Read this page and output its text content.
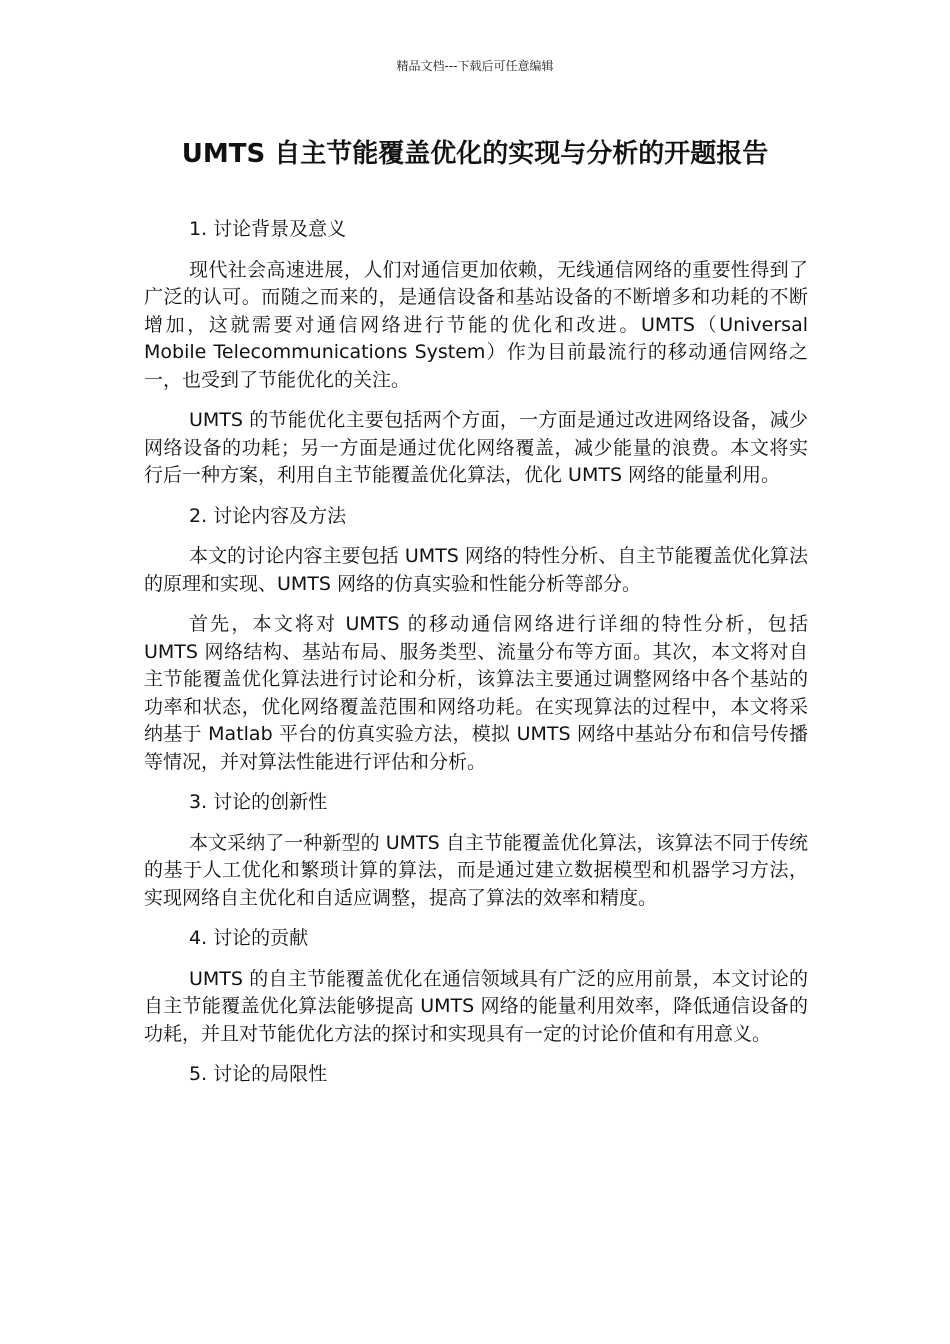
精品文档---下载后可任意编辑
UMTS 自主节能覆盖优化的实现与分析的开题报告
1. 讨论背景及意义

现代社会高速进展，人们对通信更加依赖，无线通信网络的重要性得到了广泛的认可。而随之而来的，是通信设备和基站设备的不断增多和功耗的不断增加，这就需要对通信网络进行节能的优化和改进。UMTS（Universal Mobile Telecommunications System）作为目前最流行的移动通信网络之一，也受到了节能优化的关注。

UMTS 的节能优化主要包括两个方面，一方面是通过改进网络设备，减少网络设备的功耗；另一方面是通过优化网络覆盖，减少能量的浪费。本文将实行后一种方案，利用自主节能覆盖优化算法，优化 UMTS 网络的能量利用。

2. 讨论内容及方法

本文的讨论内容主要包括 UMTS 网络的特性分析、自主节能覆盖优化算法的原理和实现、UMTS 网络的仿真实验和性能分析等部分。

首先，本文将对 UMTS 的移动通信网络进行详细的特性分析，包括 UMTS 网络结构、基站布局、服务类型、流量分布等方面。其次，本文将对自主节能覆盖优化算法进行讨论和分析，该算法主要通过调整网络中各个基站的功率和状态，优化网络覆盖范围和网络功耗。在实现算法的过程中，本文将采纳基于 Matlab 平台的仿真实验方法，模拟 UMTS 网络中基站分布和信号传播等情况，并对算法性能进行评估和分析。

3. 讨论的创新性

本文采纳了一种新型的 UMTS 自主节能覆盖优化算法，该算法不同于传统的基于人工优化和繁琐计算的算法，而是通过建立数据模型和机器学习方法，实现网络自主优化和自适应调整，提高了算法的效率和精度。

4. 讨论的贡献

UMTS 的自主节能覆盖优化在通信领域具有广泛的应用前景，本文讨论的自主节能覆盖优化算法能够提高 UMTS 网络的能量利用效率，降低通信设备的功耗，并且对节能优化方法的探讨和实现具有一定的讨论价值和有用意义。

5. 讨论的局限性
